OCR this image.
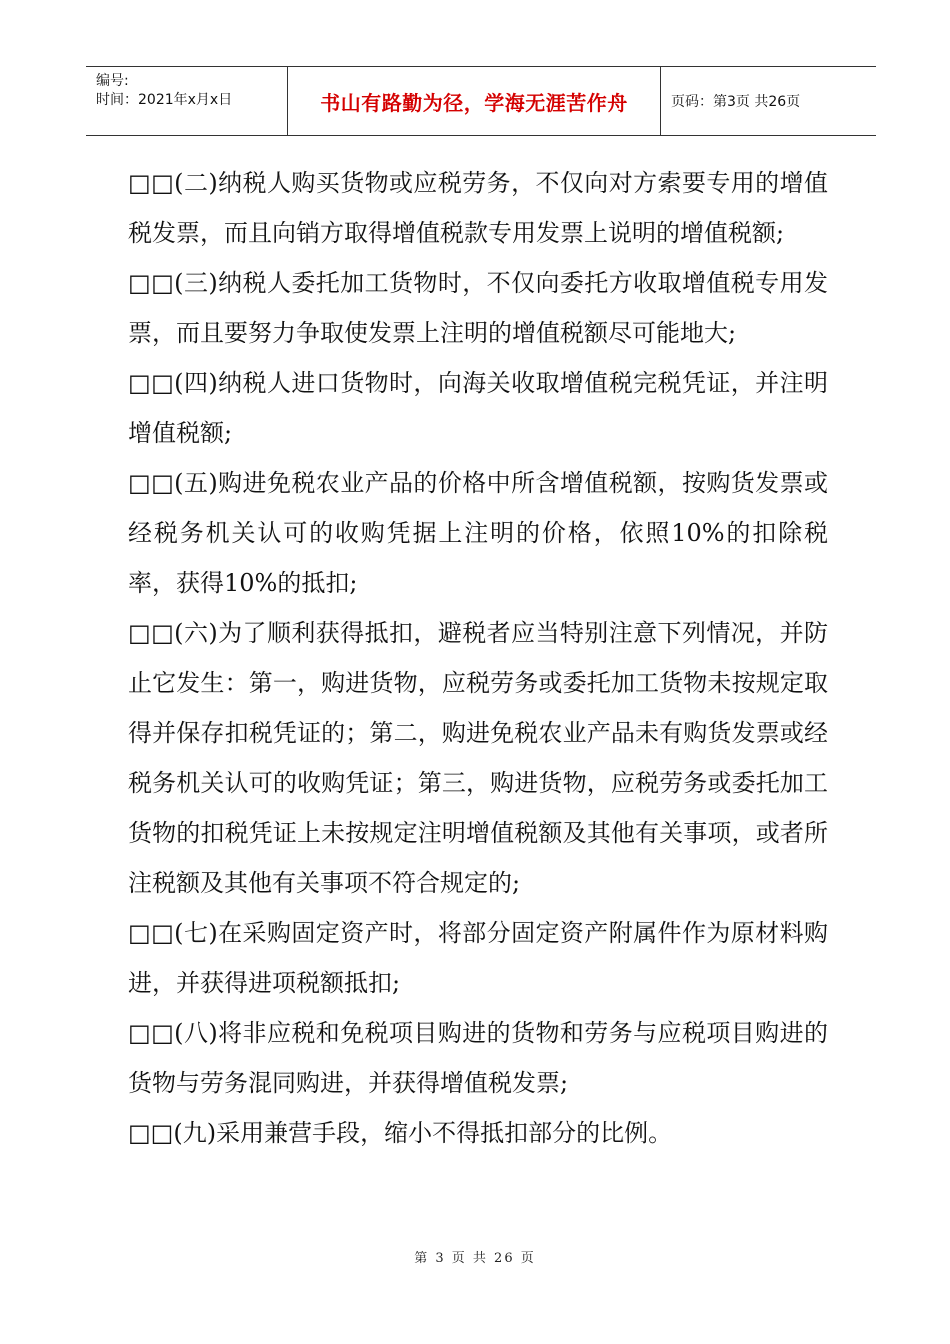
编号:
时间：2021年x月x日	书山有路勤为径，学海无涯苦作舟	页码：第3页 共26页

□□(二)纳税人购买货物或应税劳务，不仅向对方索要专用的增值税发票，而且向销方取得增值税款专用发票上说明的增值税额;

□□(三)纳税人委托加工货物时，不仅向委托方收取增值税专用发票，而且要努力争取使发票上注明的增值税额尽可能地大;

□□(四)纳税人进口货物时，向海关收取增值税完税凭证，并注明增值税额;

□□(五)购进免税农业产品的价格中所含增值税额，按购货发票或经税务机关认可的收购凭据上注明的价格，依照10%的扣除税率，获得10%的抵扣;

□□(六)为了顺利获得抵扣，避税者应当特别注意下列情况，并防止它发生：第一，购进货物，应税劳务或委托加工货物未按规定取得并保存扣税凭证的；第二，购进免税农业产品未有购货发票或经税务机关认可的收购凭证；第三，购进货物，应税劳务或委托加工货物的扣税凭证上未按规定注明增值税额及其他有关事项，或者所注税额及其他有关事项不符合规定的;

□□(七)在采购固定资产时，将部分固定资产附属件作为原材料购进，并获得进项税额抵扣;

□□(八)将非应税和免税项目购进的货物和劳务与应税项目购进的货物与劳务混同购进，并获得增值税发票;

□□(九)采用兼营手段，缩小不得抵扣部分的比例。

第 3 页 共 26 页
